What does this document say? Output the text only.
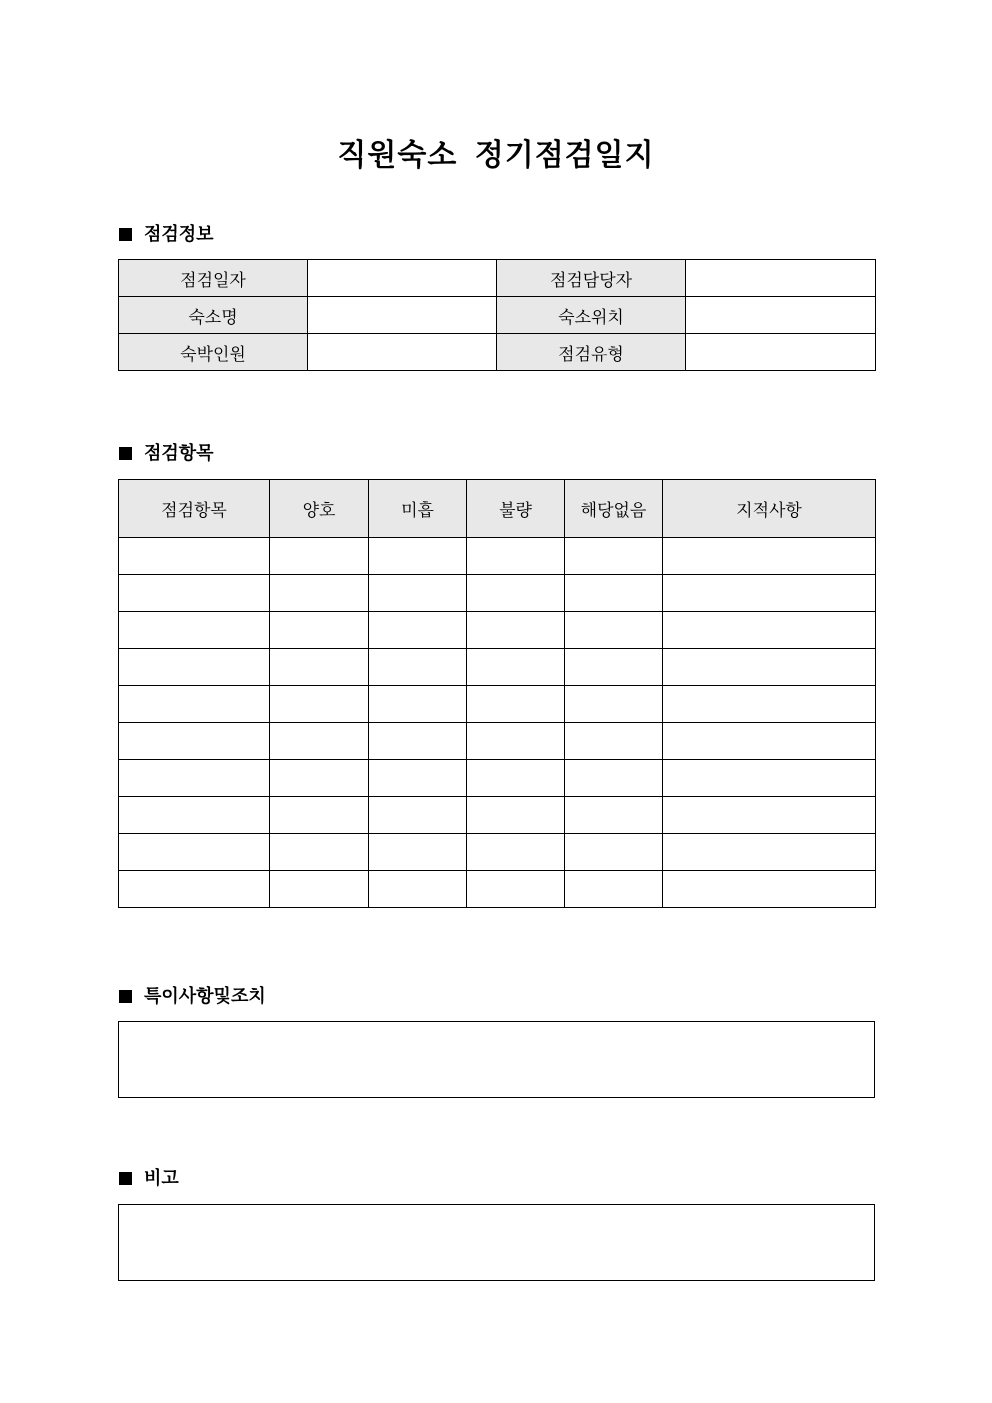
직원숙소 정기점검일지
점검정보
점검일자		점검담당자	
숙소명		숙소위치	
숙박인원		점검유형	
점검항목
점검항목	양호	미흡	불량	해당없음	지적사항

특이사항및조치
비고
